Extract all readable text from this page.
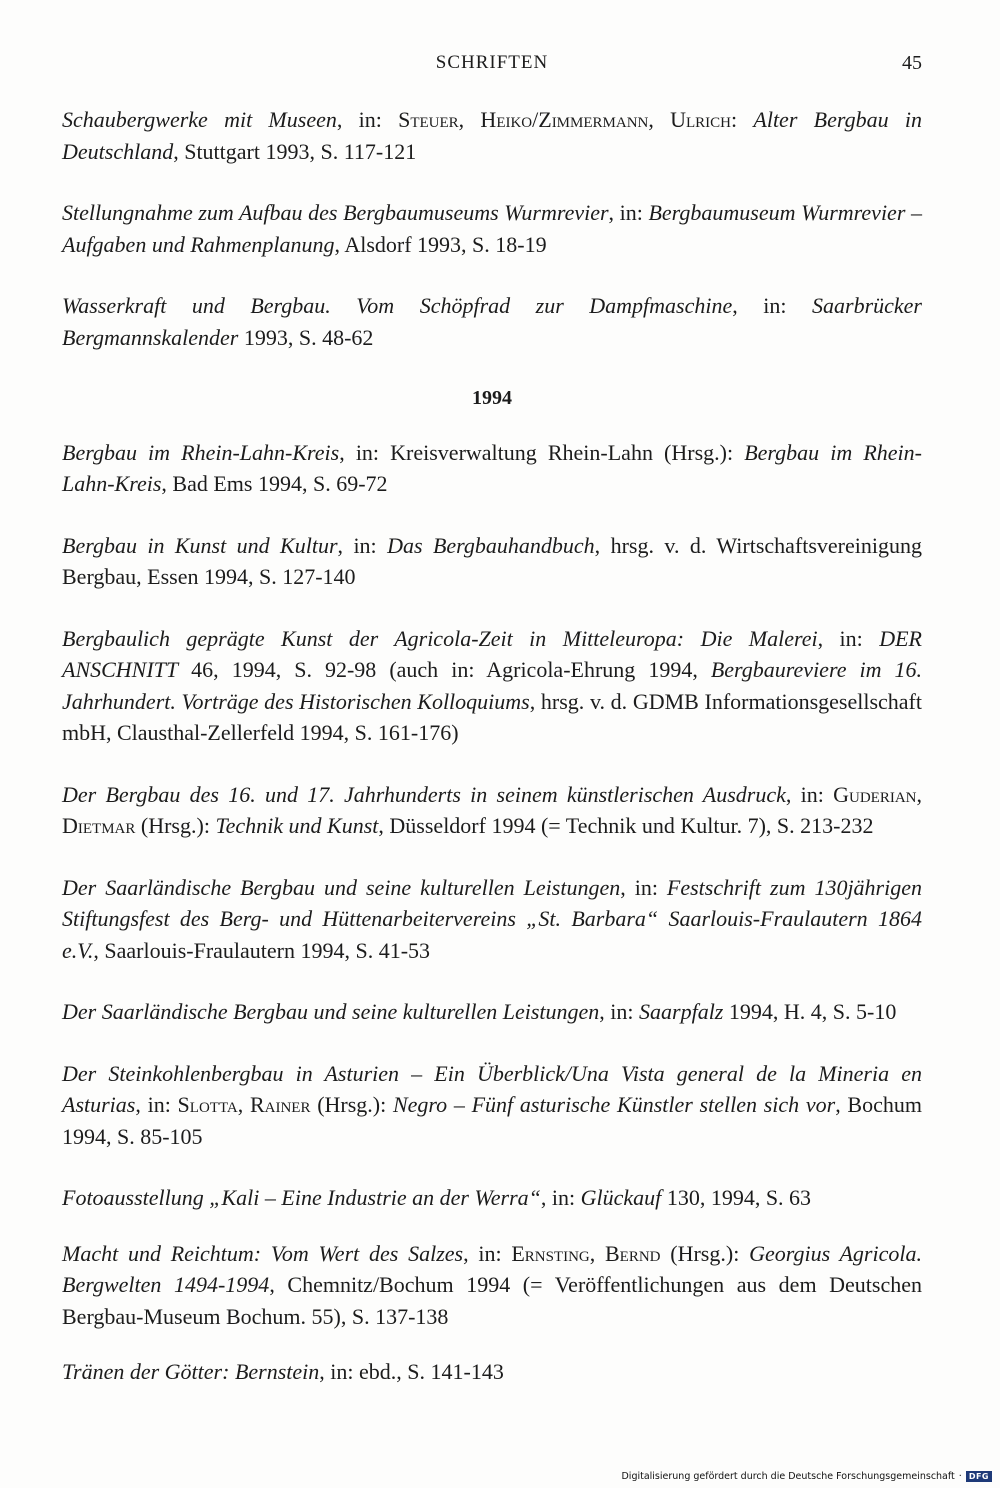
SCHRIFTEN	45

Schaubergwerke mit Museen, in: Steuer, Heiko/Zimmermann, Ulrich: Alter Bergbau in Deutschland, Stuttgart 1993, S. 117-121

Stellungnahme zum Aufbau des Bergbaumuseums Wurmrevier, in: Bergbaumuseum Wurmrevier – Aufgaben und Rahmenplanung, Alsdorf 1993, S. 18-19

Wasserkraft und Bergbau. Vom Schöpfrad zur Dampfmaschine, in: Saarbrücker Bergmannskalender 1993, S. 48-62

1994

Bergbau im Rhein-Lahn-Kreis, in: Kreisverwaltung Rhein-Lahn (Hrsg.): Bergbau im Rhein-Lahn-Kreis, Bad Ems 1994, S. 69-72

Bergbau in Kunst und Kultur, in: Das Bergbauhandbuch, hrsg. v. d. Wirtschaftsvereinigung Bergbau, Essen 1994, S. 127-140

Bergbaulich geprägte Kunst der Agricola-Zeit in Mitteleuropa: Die Malerei, in: DER ANSCHNITT 46, 1994, S. 92-98 (auch in: Agricola-Ehrung 1994, Bergbaureviere im 16. Jahrhundert. Vorträge des Historischen Kolloquiums, hrsg. v. d. GDMB Informationsgesellschaft mbH, Clausthal-Zellerfeld 1994, S. 161-176)

Der Bergbau des 16. und 17. Jahrhunderts in seinem künstlerischen Ausdruck, in: Guderian, Dietmar (Hrsg.): Technik und Kunst, Düsseldorf 1994 (= Technik und Kultur. 7), S. 213-232

Der Saarländische Bergbau und seine kulturellen Leistungen, in: Festschrift zum 130jährigen Stiftungsfest des Berg- und Hüttenarbeitervereins „St. Barbara“ Saarlouis-Fraulautern 1864 e.V., Saarlouis-Fraulautern 1994, S. 41-53

Der Saarländische Bergbau und seine kulturellen Leistungen, in: Saarpfalz 1994, H. 4, S. 5-10

Der Steinkohlenbergbau in Asturien – Ein Überblick/Una Vista general de la Mineria en Asturias, in: Slotta, Rainer (Hrsg.): Negro – Fünf asturische Künstler stellen sich vor, Bochum 1994, S. 85-105

Fotoausstellung „Kali – Eine Industrie an der Werra“, in: Glückauf 130, 1994, S. 63

Macht und Reichtum: Vom Wert des Salzes, in: Ernsting, Bernd (Hrsg.): Georgius Agricola. Bergwelten 1494-1994, Chemnitz/Bochum 1994 (= Veröffentlichungen aus dem Deutschen Bergbau-Museum Bochum. 55), S. 137-138

Tränen der Götter: Bernstein, in: ebd., S. 141-143

Digitalisierung gefördert durch die Deutsche Forschungsgemeinschaft · DFG
